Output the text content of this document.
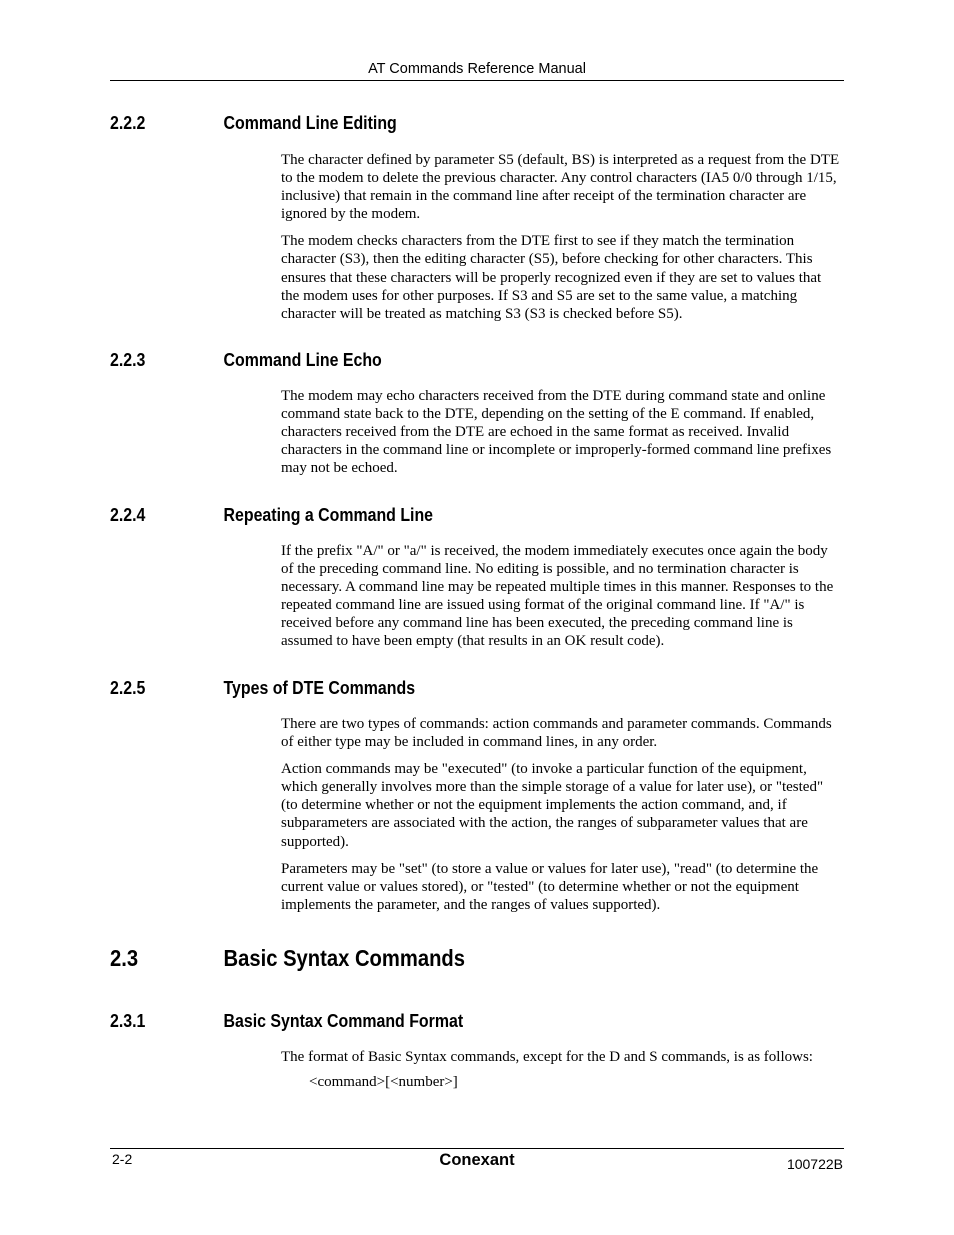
AT Commands Reference Manual
2.2.2	Command Line Editing

The character defined by parameter S5 (default, BS) is interpreted as a request from the DTE to the modem to delete the previous character. Any control characters (IA5 0/0 through 1/15, inclusive) that remain in the command line after receipt of the termination character are ignored by the modem.

The modem checks characters from the DTE first to see if they match the termination character (S3), then the editing character (S5), before checking for other characters. This ensures that these characters will be properly recognized even if they are set to values that the modem uses for other purposes. If S3 and S5 are set to the same value, a matching character will be treated as matching S3 (S3 is checked before S5).

2.2.3	Command Line Echo

The modem may echo characters received from the DTE during command state and online command state back to the DTE, depending on the setting of the E command. If enabled, characters received from the DTE are echoed in the same format as received. Invalid characters in the command line or incomplete or improperly-formed command line prefixes may not be echoed.

2.2.4	Repeating a Command Line

If the prefix "A/" or "a/" is received, the modem immediately executes once again the body of the preceding command line. No editing is possible, and no termination character is necessary. A command line may be repeated multiple times in this manner. Responses to the repeated command line are issued using format of the original command line. If "A/" is received before any command line has been executed, the preceding command line is assumed to have been empty (that results in an OK result code).

2.2.5	Types of DTE Commands

There are two types of commands: action commands and parameter commands. Commands of either type may be included in command lines, in any order.

Action commands may be "executed" (to invoke a particular function of the equipment, which generally involves more than the simple storage of a value for later use), or "tested" (to determine whether or not the equipment implements the action command, and, if subparameters are associated with the action, the ranges of subparameter values that are supported).

Parameters may be "set" (to store a value or values for later use), "read" (to determine the current value or values stored), or "tested" (to determine whether or not the equipment implements the parameter, and the ranges of values supported).

2.3	Basic Syntax Commands
2.3.1	Basic Syntax Command Format

The format of Basic Syntax commands, except for the D and S commands, is as follows:

<command>[<number>]
2-2	Conexant	100722B
